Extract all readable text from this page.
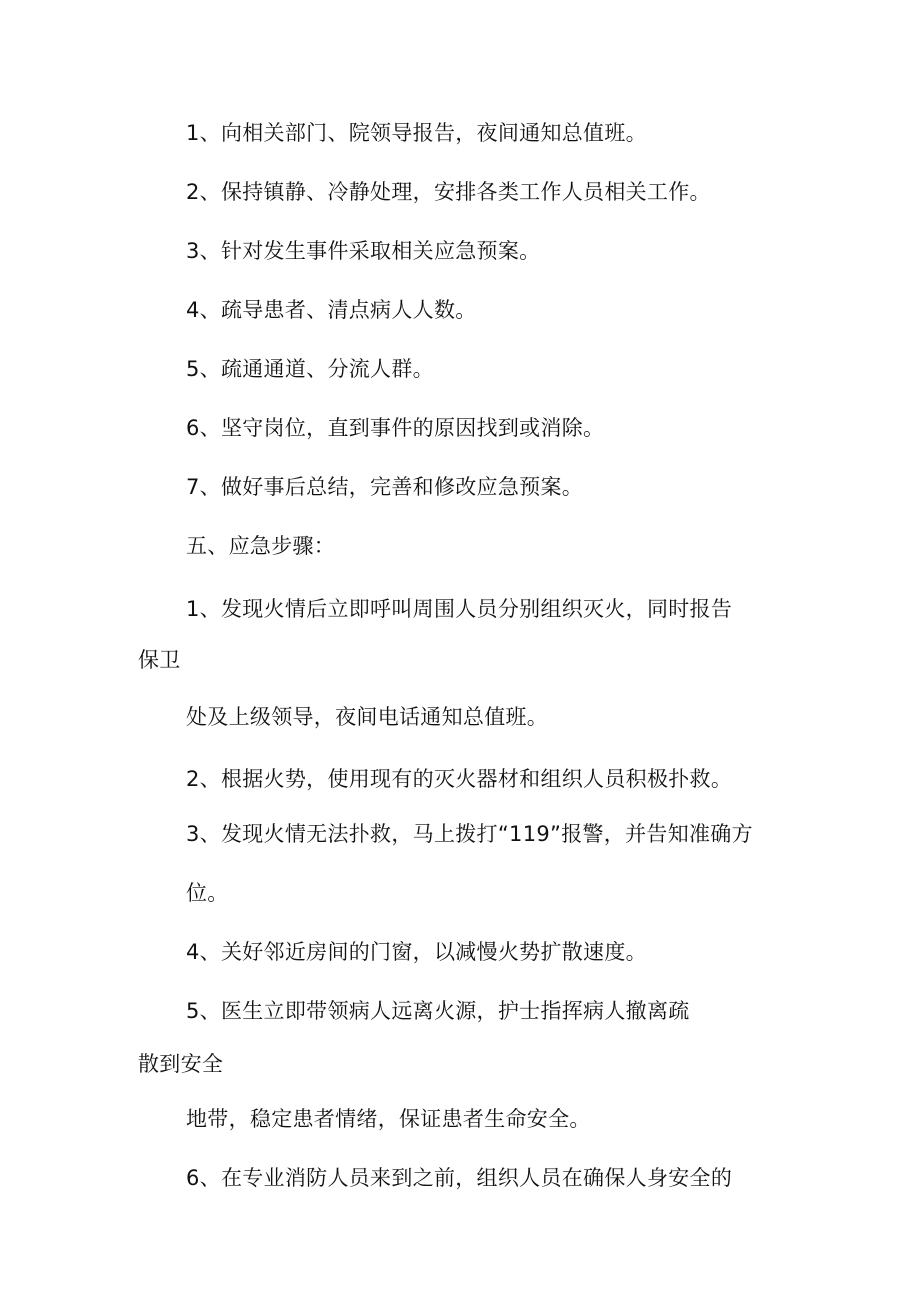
1、向相关部门、院领导报告，夜间通知总值班。
2、保持镇静、冷静处理，安排各类工作人员相关工作。
3、针对发生事件采取相关应急预案。
4、疏导患者、清点病人人数。
5、疏通通道、分流人群。
6、坚守岗位，直到事件的原因找到或消除。
7、做好事后总结，完善和修改应急预案。
五、应急步骤：
1、发现火情后立即呼叫周围人员分别组织灭火，同时报告
保卫
处及上级领导，夜间电话通知总值班。
2、根据火势，使用现有的灭火器材和组织人员积极扑救。
3、发现火情无法扑救，马上拨打“119”报警，并告知准确方
位。
4、关好邻近房间的门窗，以减慢火势扩散速度。
5、医生立即带领病人远离火源，护士指挥病人撤离疏
散到安全
地带，稳定患者情绪，保证患者生命安全。
6、在专业消防人员来到之前，组织人员在确保人身安全的
